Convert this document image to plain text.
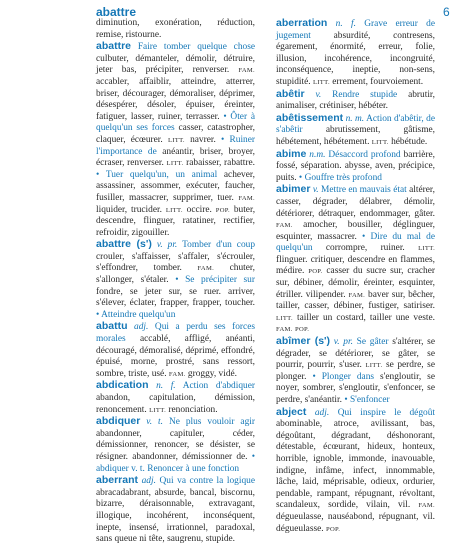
abattre	6
diminution, exonération, réduction, remise, ristourne.
abattre Faire tomber quelque chose culbuter, démanteler, démolir, détruire, jeter bas, précipiter, renverser. FAM. accabler, affaiblir, atteindre, atterrer, briser, décourager, démoraliser, déprimer, désespérer, désoler, épuiser, éreinter, fatiguer, lasser, ruiner, terrasser. • Ôter à quelqu'un ses forces casser, catastropher, claquer, écœurer. LITT. navrer. • Ruiner l'importance de anéantir, briser, broyer, écraser, renverser. LITT. rabaisser, rabattre. • Tuer quelqu'un, un animal achever, assassiner, assommer, exécuter, faucher, fusiller, massacrer, supprimer, tuer. FAM. liquider, trucider. LITT. occire. POP. buter, descendre, flinguer, ratatiner, rectifier, refroidir, zigouiller.
abattre (s') v. pr. Tomber d'un coup crouler, s'affaisser, s'affaler, s'écrouler, s'effondrer, tomber. FAM. chuter, s'allonger, s'étaler. • Se précipiter sur fondre, se jeter sur, se ruer. arriver, s'élever, éclater, frapper, frapper, toucher. • Atteindre quelqu'un
abattu adj. Qui a perdu ses forces morales accablé, affligé, anéanti, découragé, démoralisé, déprimé, effondré, épuisé, morne, prostré, sans ressort, sombre, triste, usé. FAM. groggy, vidé.
abdication n. f. Action d'abdiquer abandon, capitulation, démission, renoncement. LITT. renonciation.
abdiquer v. t. Ne plus vouloir agir abandonner, capituler, céder, démissionner, renoncer, se désister, se résigner. abandonner, démissionner de. • abdiquer v. t. Renoncer à une fonction
aberrant adj. Qui va contre la logique abracadabrant, absurde, bancal, biscornu, bizarre, déraisonnable, extravagant, illogique, incohérent, inconséquent, inepte, insensé, irrationnel, paradoxal, sans queue ni tête, saugrenu, stupide.
aberration n. f. Grave erreur de jugement absurdité, contresens, égarement, énormité, erreur, folie, illusion, incohérence, incongruité, inconséquence, ineptie, non-sens, stupidité. LITT. errement, fourvoiement.
abêtir v. Rendre stupide abrutir, animaliser, crétiniser, hébéter.
abêtissement n. m. Action d'abêtir, de s'abêtir abrutissement, gâtisme, hébétement, hébétement. LITT. hébétude.
abime n.m. Désaccord profond barrière, fossé, séparation. abysse, aven, précipice, puits. • Gouffre très profond
abimer v. Mettre en mauvais état altérer, casser, dégrader, délabrer, démolir, détériorer, détraquer, endommager, gâter. FAM. amocher, bousiller, déglinguer, esquinter, massacrer. • Dire du mal de quelqu'un corrompre, ruiner. LITT. flinguer. critiquer, descendre en flammes, médire. POP. casser du sucre sur, cracher sur, débiner, démolir, éreinter, esquinter, étriller. vilipender. FAM. baver sur, bêcher, tailler, casser, débiner, fustiger, satiriser. LITT. tailler un costard, tailler une veste. FAM. POP.
abîmer (s') v. pr. Se gâter s'altérer, se dégrader, se détériorer, se gâter, se pourrir, pourrir, s'user. LITT. se perdre, se plonger. • Plonger dans s'engloutir, se noyer, sombrer, s'engloutir, s'enfoncer, se perdre, s'anéantir. • S'enfoncer
abject adj. Qui inspire le dégoût abominable, atroce, avilissant, bas, dégoûtant, dégradant, déshonorant, détestable, écœurant, hideux, honteux, horrible, ignoble, immonde, inavouable, indigne, infâme, infect, innommable, lâche, laid, méprisable, odieux, ordurier, pendable, rampant, répugnant, révoltant, scandaleux, sordide, vilain, vil. FAM. dégueulasse, nauséabond, répugnant, vil. dégueulasse. POP.
